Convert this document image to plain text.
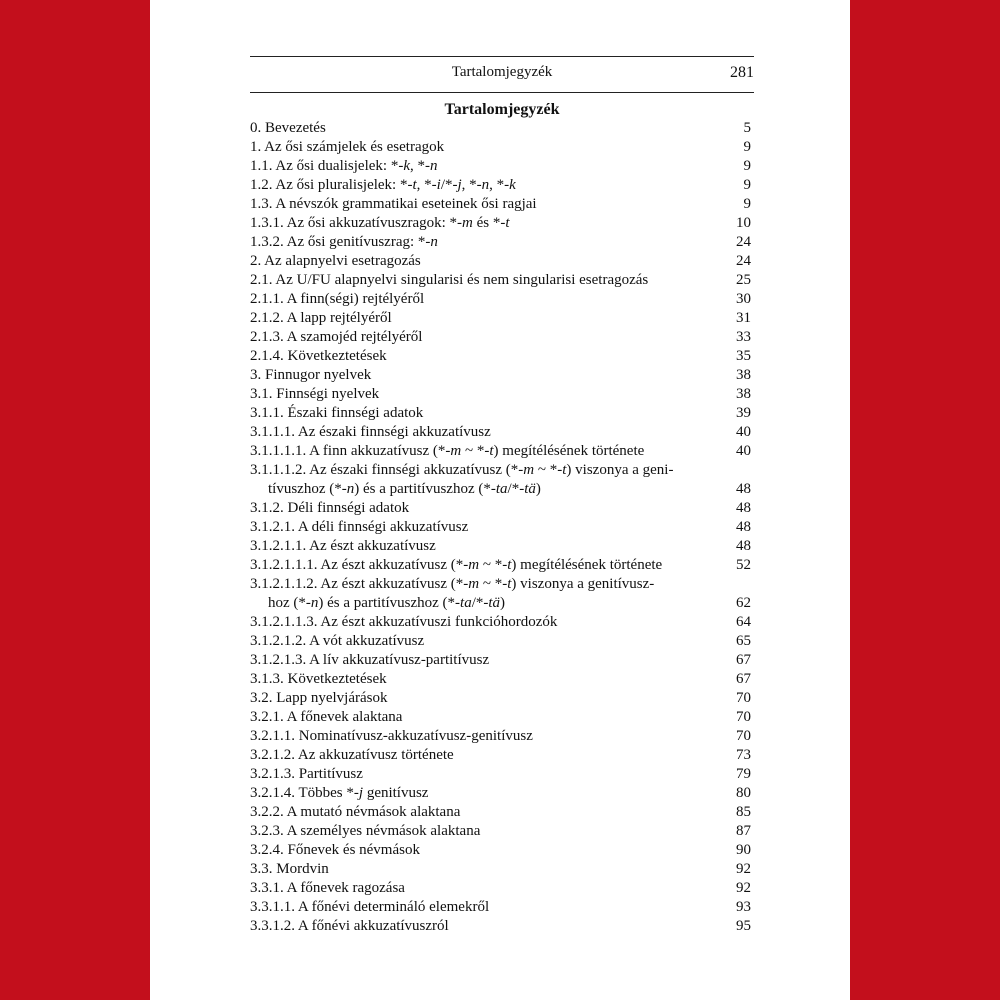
Tartalomjegyzék	281
Tartalomjegyzék
0. Bevezetés	5
1. Az ősi számjelek és esetragok	9
1.1. Az ősi dualisjelek: *-k, *-n	9
1.2. Az ősi pluralisjelek: *-t, *-i/*-j, *-n, *-k	9
1.3. A névszók grammatikai eseteinek ősi ragjai	9
1.3.1. Az ősi akkuzatívuszragok: *-m és *-t	10
1.3.2. Az ősi genitívuszrag: *-n	24
2. Az alapnyelvi esetragozás	24
2.1. Az U/FU alapnyelvi singularisi és nem singularisi esetragozás	25
2.1.1. A finn(ségi) rejtélyéről	30
2.1.2. A lapp rejtélyéről	31
2.1.3. A szamojéd rejtélyéről	33
2.1.4. Következtetések	35
3. Finnugor nyelvek	38
3.1. Finnségi nyelvek	38
3.1.1. Északi finnségi adatok	39
3.1.1.1. Az északi finnségi akkuzatívusz	40
3.1.1.1.1. A finn akkuzatívusz (*-m ~ *-t) megítélésének története	40
3.1.1.1.2. Az északi finnségi akkuzatívusz (*-m ~ *-t) viszonya a geni-
tívuszhoz (*-n) és a partitívuszhoz (*-ta/*-tä)	48
3.1.2. Déli finnségi adatok	48
3.1.2.1. A déli finnségi akkuzatívusz	48
3.1.2.1.1. Az észt akkuzatívusz	48
3.1.2.1.1.1. Az észt akkuzatívusz (*-m ~ *-t) megítélésének története	52
3.1.2.1.1.2. Az észt akkuzatívusz (*-m ~ *-t) viszonya a genitívusz-
hoz (*-n) és a partitívuszhoz (*-ta/*-tä)	62
3.1.2.1.1.3. Az észt akkuzatívuszi funkcióhordozók	64
3.1.2.1.2. A vót akkuzatívusz	65
3.1.2.1.3. A lív akkuzatívusz-partitívusz	67
3.1.3. Következtetések	67
3.2. Lapp nyelvjárások	70
3.2.1. A főnevek alaktana	70
3.2.1.1. Nominatívusz-akkuzatívusz-genitívusz	70
3.2.1.2. Az akkuzatívusz története	73
3.2.1.3. Partitívusz	79
3.2.1.4. Többes *-j genitívusz	80
3.2.2. A mutató névmások alaktana	85
3.2.3. A személyes névmások alaktana	87
3.2.4. Főnevek és névmások	90
3.3. Mordvin	92
3.3.1. A főnevek ragozása	92
3.3.1.1. A főnévi determináló elemekről	93
3.3.1.2. A főnévi akkuzatívuszról	95
